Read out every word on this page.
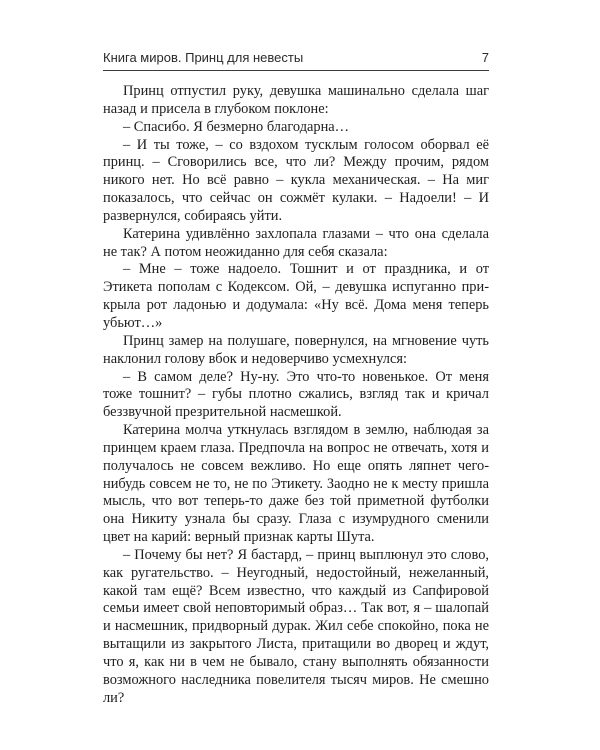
Книга миров. Принц для невесты	7

Принц отпустил руку, девушка машинально сделала шаг назад и присела в глубоком поклоне:

– Спасибо. Я безмерно благодарна…

– И ты тоже, – со вздохом тусклым голосом оборвал её принц. – Сговорились все, что ли? Между прочим, рядом никого нет. Но всё равно – кукла механическая. – На миг показалось, что сейчас он сожмёт кулаки. – Надоели! – И развернулся, собираясь уйти.

Катерина удивлённо захлопала глазами – что она сделала не так? А потом неожиданно для себя сказала:

– Мне – тоже надоело. Тошнит и от праздника, и от Этикета пополам с Кодексом. Ой, – девушка испуганно прикрыла рот ладонью и додумала: «Ну всё. Дома меня теперь убьют…»

Принц замер на полушаге, повернулся, на мгновение чуть наклонил голову вбок и недоверчиво усмехнулся:

– В самом деле? Ну-ну. Это что-то новенькое. От меня тоже тошнит? – губы плотно сжались, взгляд так и кричал беззвучной презрительной насмешкой.

Катерина молча уткнулась взглядом в землю, наблюдая за принцем краем глаза. Предпочла на вопрос не отвечать, хотя и получалось не совсем вежливо. Но еще опять ляпнет чего-нибудь совсем не то, не по Этикету. Заодно не к месту пришла мысль, что вот теперь-то даже без той приметной футболки она Никиту узнала бы сразу. Глаза с изумрудного сменили цвет на карий: верный признак карты Шута.

– Почему бы нет? Я бастард, – принц выплюнул это слово, как ругательство. – Неугодный, недостойный, нежеланный, какой там ещё? Всем известно, что каждый из Сапфировой семьи имеет свой неповторимый образ… Так вот, я – шалопай и насмешник, придворный дурак. Жил себе спокойно, пока не вытащили из закрытого Листа, притащили во дворец и ждут, что я, как ни в чем не бывало, стану выполнять обязанности возможного наследника повелителя тысяч миров. Не смешно ли?
